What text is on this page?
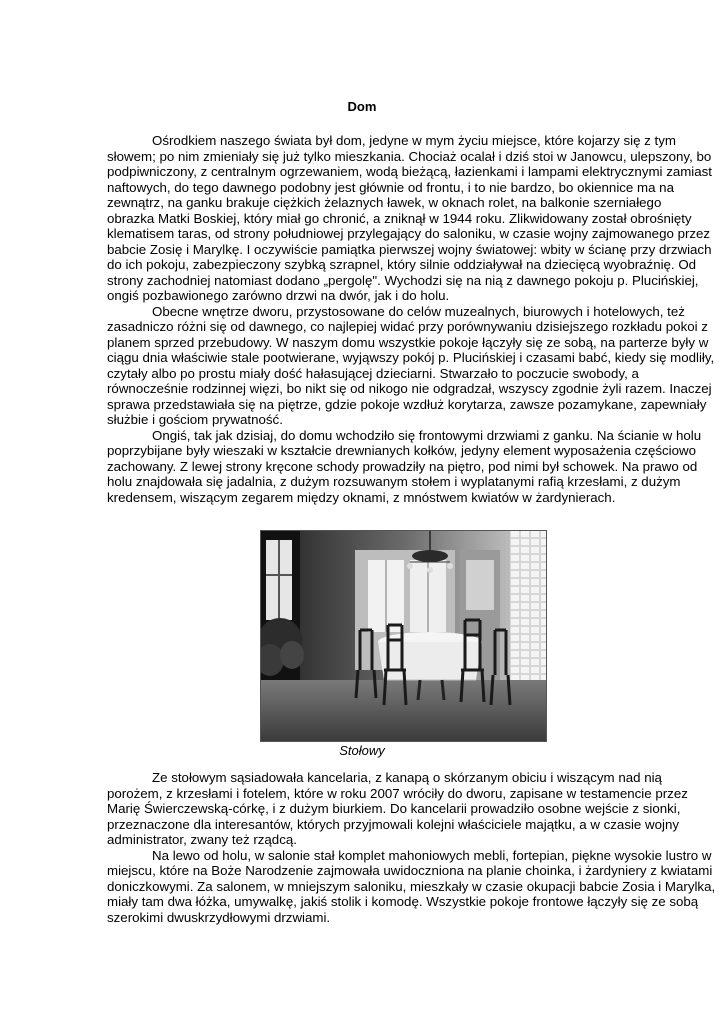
Dom
Ośrodkiem naszego świata był dom, jedyne w mym życiu miejsce, które kojarzy się z tym
słowem; po nim zmieniały się już tylko mieszkania. Chociaż ocalał i dziś stoi w Janowcu, ulepszony, bo
podpiwniczony, z centralnym ogrzewaniem, wodą bieżącą, łazienkami i lampami elektrycznymi zamiast
naftowych, do tego dawnego podobny jest głównie od frontu, i to nie bardzo, bo okiennice ma na
zewnątrz, na ganku brakuje ciężkich żelaznych ławek, w oknach rolet, na balkonie szerniałego
obrazka Matki Boskiej, który miał go chronić, a zniknął w 1944 roku. Zlikwidowany został obrośnięty
klematisem taras, od strony południowej przylegający do saloniku, w czasie wojny zajmowanego przez
babcie Zosię i Marylkę. I oczywiście pamiątka pierwszej wojny światowej: wbity w ścianę przy drzwiach
do ich pokoju, zabezpieczony szybką szrapnel, który silnie oddziaływał na dziecięcą wyobraźnię. Od
strony zachodniej natomiast dodano „pergolę". Wychodzi się na nią z dawnego pokoju p. Plucińskiej,
ongiś pozbawionego zarówno drzwi na dwór, jak i do holu.
Obecne wnętrze dworu, przystosowane do celów muzealnych, biurowych i hotelowych, też
zasadniczo różni się od dawnego, co najlepiej widać przy porównywaniu dzisiejszego rozkładu pokoi z
planem sprzed przebudowy. W naszym domu wszystkie pokoje łączyły się ze sobą, na parterze były w
ciągu dnia właściwie stale pootwierane, wyjąwszy pokój p. Plucińskiej i czasami babć, kiedy się modliły,
czytały albo po prostu miały dość hałasującej dzieciarni. Stwarzało to poczucie swobody, a
równocześnie rodzinnej więzi, bo nikt się od nikogo nie odgradzał, wszyscy zgodnie żyli razem. Inaczej
sprawa przedstawiała się na piętrze, gdzie pokoje wzdłuż korytarza, zawsze pozamykane, zapewniały
służbie i gościom prywatność.
Ongiś, tak jak dzisiaj, do domu wchodziło się frontowymi drzwiami z ganku. Na ścianie w holu
poprzybijane były wieszaki w kształcie drewnianych kołków, jedyny element wyposażenia częściowo
zachowany. Z lewej strony kręcone schody prowadziły na piętro, pod nimi był schowek. Na prawo od
holu znajdowała się jadalnia, z dużym rozsuwanym stołem i wyplatanymi rafią krzesłami, z dużym
kredensem, wiszącym zegarem między oknami, z mnóstwem kwiatów w żardynierach.
Stołowy
Ze stołowym sąsiadowała kancelaria, z kanapą o skórzanym obiciu i wiszącym nad nią
porożem, z krzesłami i fotelem, które w roku 2007 wróciły do dworu, zapisane w testamencie przez
Marię Świerczewską-córkę, i z dużym biurkiem. Do kancelarii prowadziło osobne wejście z sionki,
przeznaczone dla interesantów, których przyjmowali kolejni właściciele majątku, a w czasie wojny
administrator, zwany też rządcą.
Na lewo od holu, w salonie stał komplet mahoniowych mebli, fortepian, piękne wysokie lustro w
miejscu, które na Boże Narodzenie zajmowała uwidoczniona na planie choinka, i żardyniery z kwiatami
doniczkowymi. Za salonem, w mniejszym saloniku, mieszkały w czasie okupacji babcie Zosia i Marylka,
miały tam dwa łóżka, umywalkę, jakiś stolik i komodę. Wszystkie pokoje frontowe łączyły się ze sobą
szerokimi dwuskrzydłowymi drzwiami.
